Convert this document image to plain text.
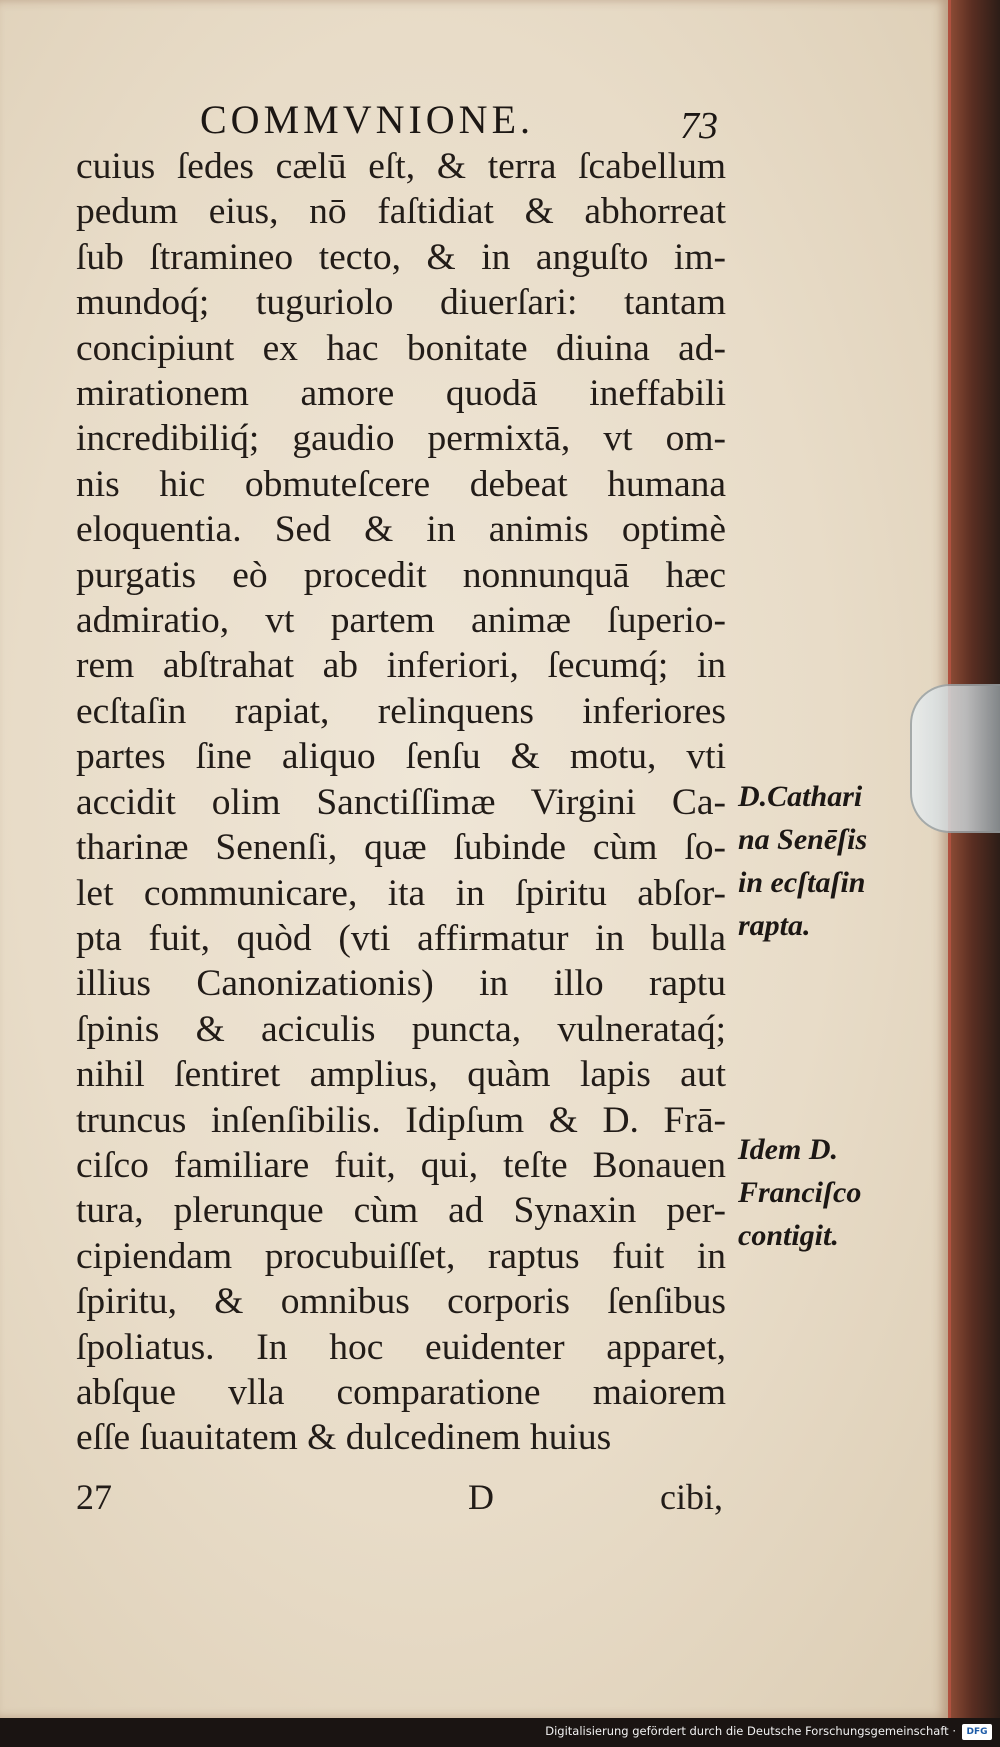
COMMVNIONE.	73
cuius ſedes cælū eſt, & terra ſcabellum
pedum eius, nō faſtidiat & abhorreat
ſub ſtramineo tecto, & in anguſto im-
mundoq́; tuguriolo diuerſari: tantam
concipiunt ex hac bonitate diuina ad-
mirationem amore quodā ineffabili
incredibiliq́; gaudio permixtā, vt om-
nis hic obmuteſcere debeat humana
eloquentia. Sed & in animis optimè
purgatis eò procedit nonnunquā hæc
admiratio, vt partem animæ ſuperio-
rem abſtrahat ab inferiori, ſecumq́; in
ecſtaſin rapiat, relinquens inferiores
partes ſine aliquo ſenſu & motu, vti
accidit olim Sanctiſſimæ Virgini Ca-
tharinæ Senenſi, quæ ſubinde cùm ſo-
let communicare, ita in ſpiritu abſor-
pta fuit, quòd (vti affirmatur in bulla
illius Canonizationis) in illo raptu
ſpinis & aciculis puncta, vulnerataq́;
nihil ſentiret amplius, quàm lapis aut
truncus inſenſibilis. Idipſum & D. Frā-
ciſco familiare fuit, qui, teſte Bonauen
tura, plerunque cùm ad Synaxin per-
cipiendam procubuiſſet, raptus fuit in
ſpiritu, & omnibus corporis ſenſibus
ſpoliatus. In hoc euidenter apparet,
abſque vlla comparatione maiorem
eſſe ſuauitatem & dulcedinem huius
D.Cathari
na Senēſis
in ecſtaſin
rapta.
Idem D.
Franciſco
contigit.
27	D	cibi,
Digitalisierung gefördert durch die Deutsche Forschungsgemeinschaft ·	DFG
